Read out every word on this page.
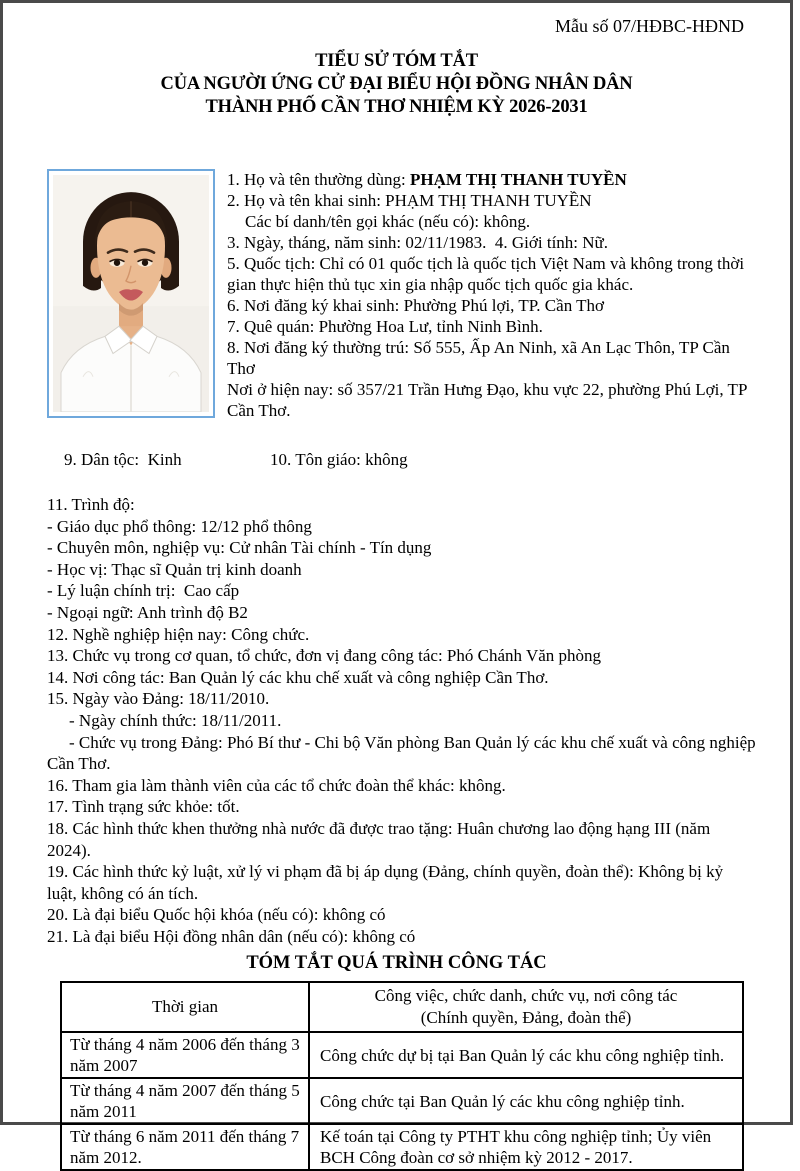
Mẫu số 07/HĐBC-HĐND
TIỂU SỬ TÓM TẮT
CỦA NGƯỜI ỨNG CỬ ĐẠI BIỂU HỘI ĐỒNG NHÂN DÂN
THÀNH PHỐ CẦN THƠ NHIỆM KỲ 2026-2031

1. Họ và tên thường dùng: PHẠM THỊ THANH TUYỀN

2. Họ và tên khai sinh: PHẠM THỊ THANH TUYỀN

Các bí danh/tên gọi khác (nếu có): không.

3. Ngày, tháng, năm sinh: 02/11/1983.  4. Giới tính: Nữ.

5. Quốc tịch: Chỉ có 01 quốc tịch là quốc tịch Việt Nam và không trong thời gian thực hiện thủ tục xin gia nhập quốc tịch quốc gia khác.

6. Nơi đăng ký khai sinh: Phường Phú lợi, TP. Cần Thơ

7. Quê quán: Phường Hoa Lư, tỉnh Ninh Bình.

8. Nơi đăng ký thường trú: Số 555, Ấp An Ninh, xã An Lạc Thôn, TP Cần Thơ

Nơi ở hiện nay: số 357/21 Trần Hưng Đạo, khu vực 22, phường Phú Lợi, TP Cần Thơ.

9. Dân tộc:  Kinh	10. Tôn giáo: không

11. Trình độ:
- Giáo dục phổ thông: 12/12 phổ thông
- Chuyên môn, nghiệp vụ: Cử nhân Tài chính - Tín dụng
- Học vị: Thạc sĩ Quản trị kinh doanh
- Lý luận chính trị:  Cao cấp
- Ngoại ngữ: Anh trình độ B2
12. Nghề nghiệp hiện nay: Công chức.
13. Chức vụ trong cơ quan, tổ chức, đơn vị đang công tác: Phó Chánh Văn phòng
14. Nơi công tác: Ban Quản lý các khu chế xuất và công nghiệp Cần Thơ.
15. Ngày vào Đảng: 18/11/2010.
- Ngày chính thức: 18/11/2011.
- Chức vụ trong Đảng: Phó Bí thư - Chi bộ Văn phòng Ban Quản lý các khu chế xuất và công nghiệp Cần Thơ.
16. Tham gia làm thành viên của các tổ chức đoàn thể khác: không.
17. Tình trạng sức khỏe: tốt.
18. Các hình thức khen thưởng nhà nước đã được trao tặng: Huân chương lao động hạng III (năm 2024).
19. Các hình thức kỷ luật, xử lý vi phạm đã bị áp dụng (Đảng, chính quyền, đoàn thể): Không bị kỷ luật, không có án tích.
20. Là đại biểu Quốc hội khóa (nếu có): không có
21. Là đại biểu Hội đồng nhân dân (nếu có): không có
TÓM TẮT QUÁ TRÌNH CÔNG TÁC
Thời gian	Công việc, chức danh, chức vụ, nơi công tác
(Chính quyền, Đảng, đoàn thể)

Từ tháng 4 năm 2006 đến tháng 3 năm 2007	Công chức dự bị tại Ban Quản lý các khu công nghiệp tỉnh.
Từ tháng 4 năm 2007 đến tháng 5 năm 2011	Công chức tại Ban Quản lý các khu công nghiệp tỉnh.
Từ tháng 6 năm 2011 đến tháng 7 năm 2012.	Kế toán tại Công ty PTHT khu công nghiệp tỉnh; Ủy viên BCH Công đoàn cơ sở nhiệm kỳ 2012 - 2017.
